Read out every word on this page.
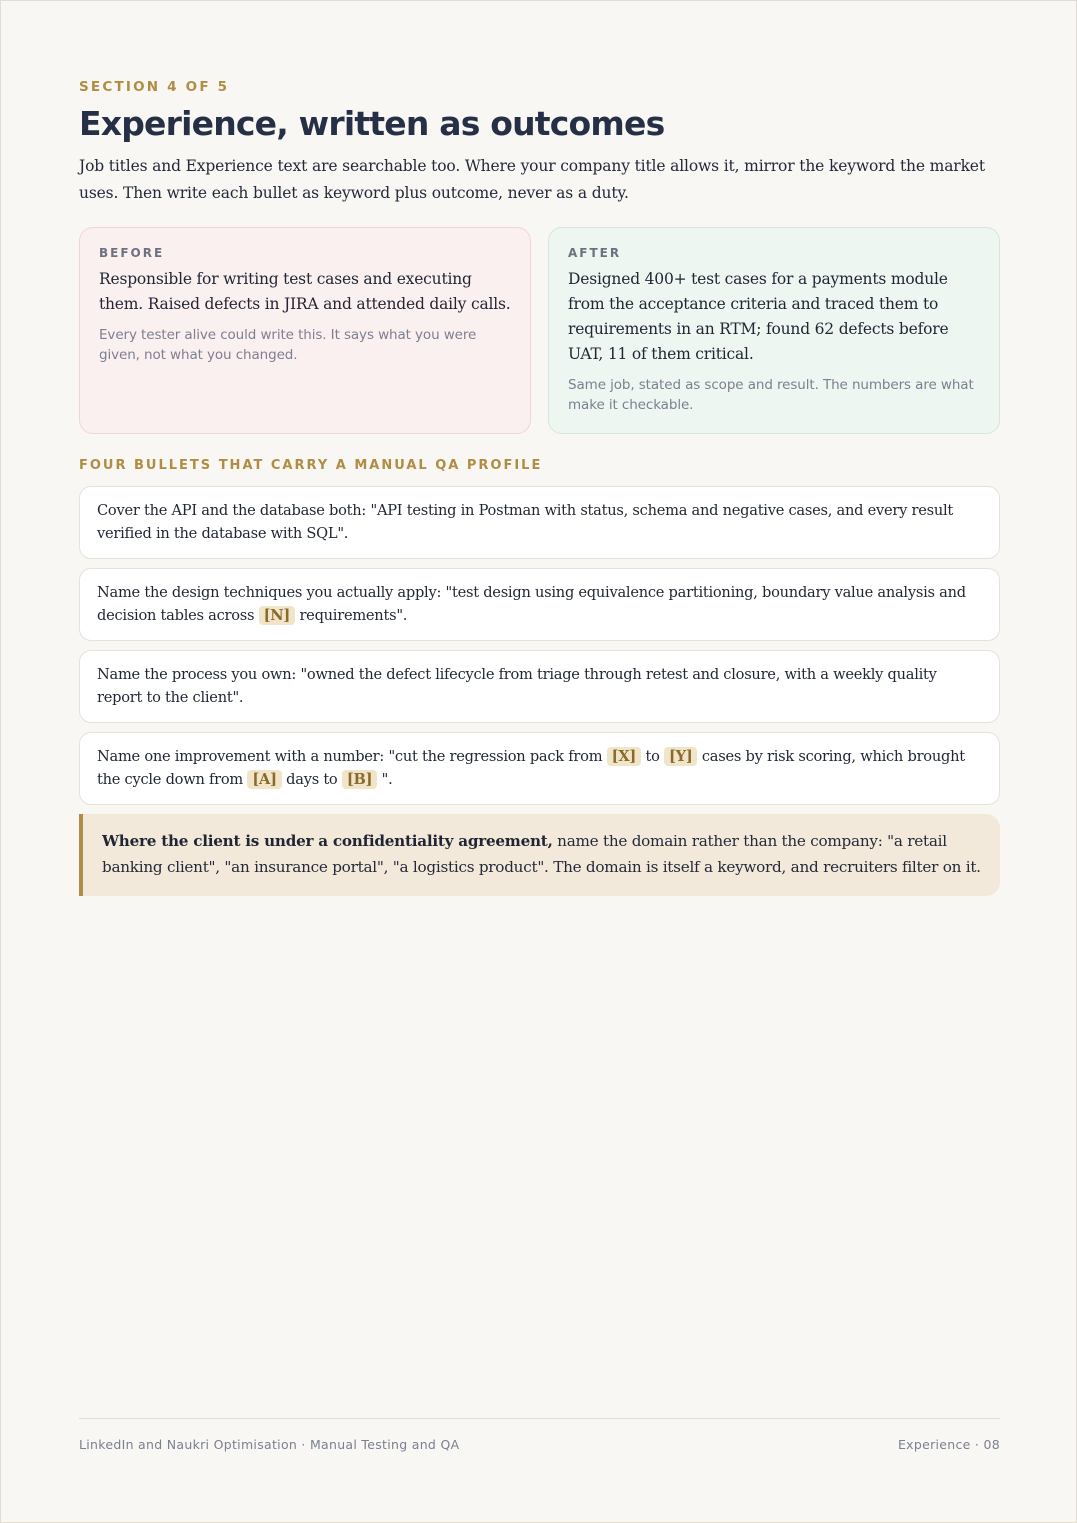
SECTION 4 OF 5
Experience, written as outcomes

Job titles and Experience text are searchable too. Where your company title allows it, mirror the keyword the market uses. Then write each bullet as keyword plus outcome, never as a duty.

BEFORE

Responsible for writing test cases and executing them. Raised defects in JIRA and attended daily calls.

Every tester alive could write this. It says what you were given, not what you changed.

AFTER

Designed 400+ test cases for a payments module from the acceptance criteria and traced them to requirements in an RTM; found 62 defects before UAT, 11 of them critical.

Same job, stated as scope and result. The numbers are what make it checkable.

FOUR BULLETS THAT CARRY A MANUAL QA PROFILE
Cover the API and the database both: "API testing in Postman with status, schema and negative cases, and every result verified in the database with SQL".
Name the design techniques you actually apply: "test design using equivalence partitioning, boundary value analysis and decision tables across [N] requirements".
Name the process you own: "owned the defect lifecycle from triage through retest and closure, with a weekly quality report to the client".
Name one improvement with a number: "cut the regression pack from [X] to [Y] cases by risk scoring, which brought the cycle down from [A] days to [B] ".
Where the client is under a confidentiality agreement, name the domain rather than the company: "a retail banking client", "an insurance portal", "a logistics product". The domain is itself a keyword, and recruiters filter on it.
LinkedIn and Naukri Optimisation · Manual Testing and QA	Experience · 08
